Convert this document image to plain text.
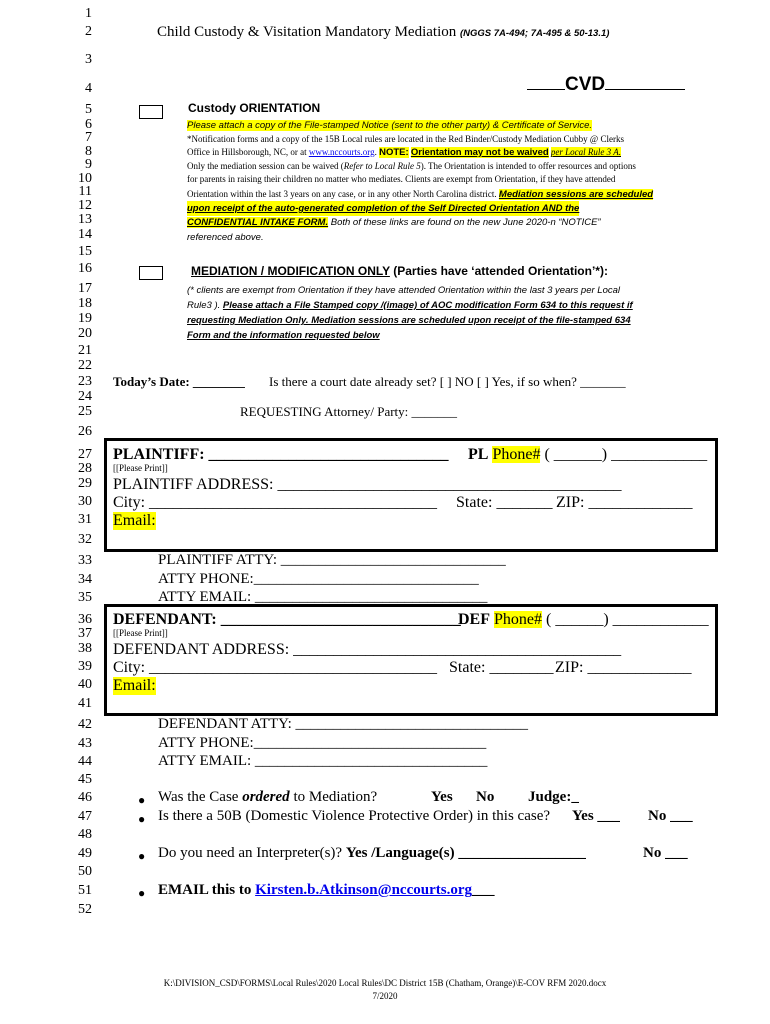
1
2
3
4
5
6
7
8
9
10
11
12
13
14
15
16
17
18
19
20
21
22
23
24
25
26
27
28
29
30
31
32
33
34
35
36
37
38
39
40
41
42
43
44
45
46
47
48
49
50
51
52
Child Custody & Visitation Mandatory Mediation (NGGS 7A-494; 7A-495 & 50-13.1)
CVD
Custody ORIENTATION
Please attach a copy of the File-stamped Notice (sent to the other party) & Certificate of Service.
*Notification forms and a copy of the 15B Local rules are located in the Red Binder/Custody Mediation Cubby @ Clerks
Office in Hillsborough, NC, or at www.nccourts.org. NOTE: Orientation may not be waived per Local Rule 3 A.
Only the mediation session can be waived (Refer to Local Rule 5). The Orientation is intended to offer resources and options
for parents in raising their children no matter who mediates. Clients are exempt from Orientation, if they have attended
Orientation within the last 3 years on any case, or in any other North Carolina district. Mediation sessions are scheduled
upon receipt of the auto-generated completion of the Self Directed Orientation AND the
CONFIDENTIAL INTAKE FORM. Both of these links are found on the new June 2020-n “NOTICE”
referenced above.
MEDIATION / MODIFICATION ONLY (Parties have ‘attended Orientation’*):
(* clients are exempt from Orientation if they have attended Orientation within the last 3 years per Local
Rule3 ). Please attach a File Stamped copy /(image) of AOC modification Form 634 to this request if
requesting Mediation Only. Mediation sessions are scheduled upon receipt of the file-stamped 634
Form and the information requested below
Today’s Date: ________ Is there a court date already set? [ ] NO [ ] Yes, if so when? _______
REQUESTING Attorney/ Party: _______
PLAINTIFF: ______________________________ PL Phone# ( ______) ____________
[[Please Print]]
PLAINTIFF ADDRESS: ___________________________________________
City: ____________________________________ State: _______ ZIP: _____________
Email:
PLAINTIFF ATTY: ______________________________
ATTY PHONE:______________________________
ATTY EMAIL: _______________________________
DEFENDANT: ______________________________
DEF Phone# ( ______) ____________
[[Please Print]]
DEFENDANT ADDRESS: _________________________________________
City: ____________________________________ State: ________ ZIP: _____________
Email:
DEFENDANT ATTY: _______________________________
ATTY PHONE:_______________________________
ATTY EMAIL: _______________________________
● Was the Case ordered to Mediation?	Yes No Judge:_
● Is there a 50B (Domestic Violence Protective Order) in this case? Yes ___ No ___
● Do you need an Interpreter(s)? Yes /Language(s) _________________	No ___
● EMAIL this to Kirsten.b.Atkinson@nccourts.org___
K:\DIVISION_CSD\FORMS\Local Rules\2020 Local Rules\DC District 15B (Chatham, Orange)\E-COV RFM 2020.docx
7/2020
